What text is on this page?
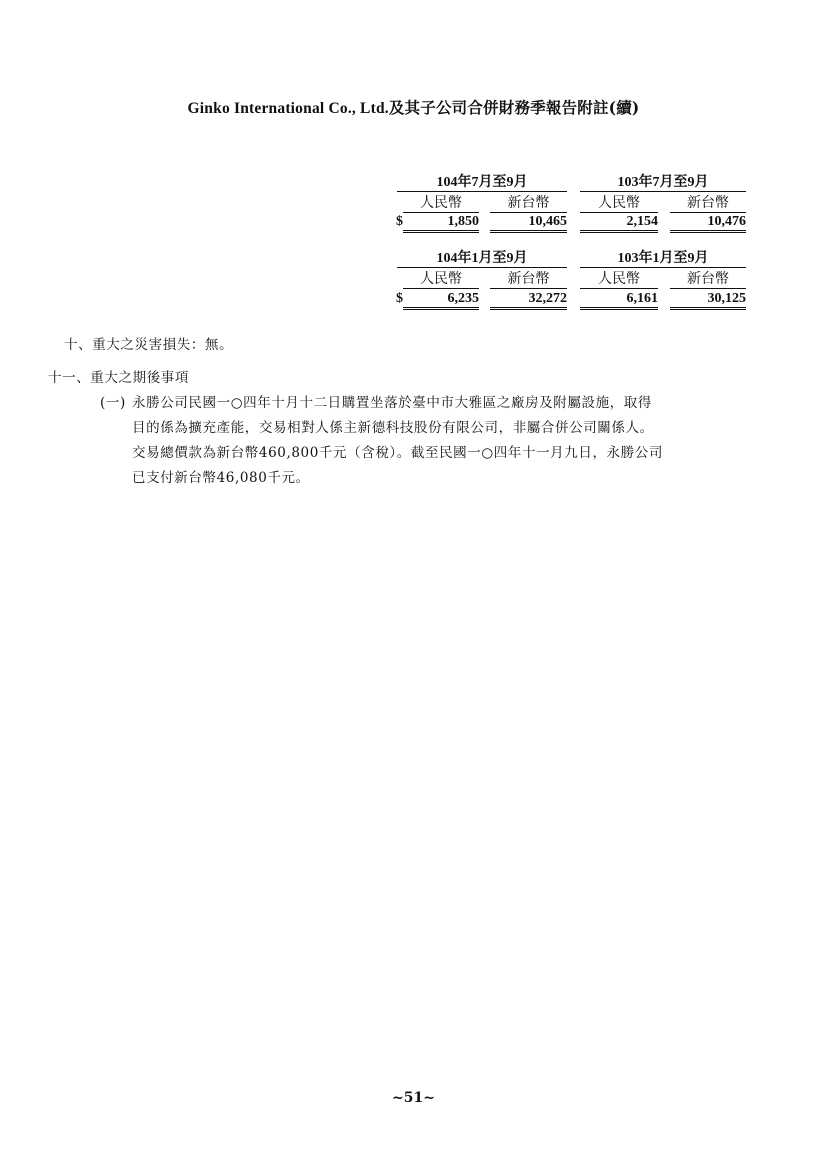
Ginko International Co., Ltd.及其子公司合併財務季報告附註(續)
104年7月至9月	103年7月至9月
人民幣	新台幣	人民幣	新台幣
$	1,850	10,465	2,154	10,476
104年1月至9月	103年1月至9月
人民幣	新台幣	人民幣	新台幣
$	6,235	32,272	6,161	30,125
十、重大之災害損失：無。
十一、重大之期後事項
(一) 永勝公司民國一○四年十月十二日購置坐落於臺中市大雅區之廠房及附屬設施，取得
目的係為擴充產能，交易相對人係主新德科技股份有限公司，非屬合併公司關係人。
交易總價款為新台幣460,800千元（含稅）。截至民國一○四年十一月九日，永勝公司
已支付新台幣46,080千元。
~51~
